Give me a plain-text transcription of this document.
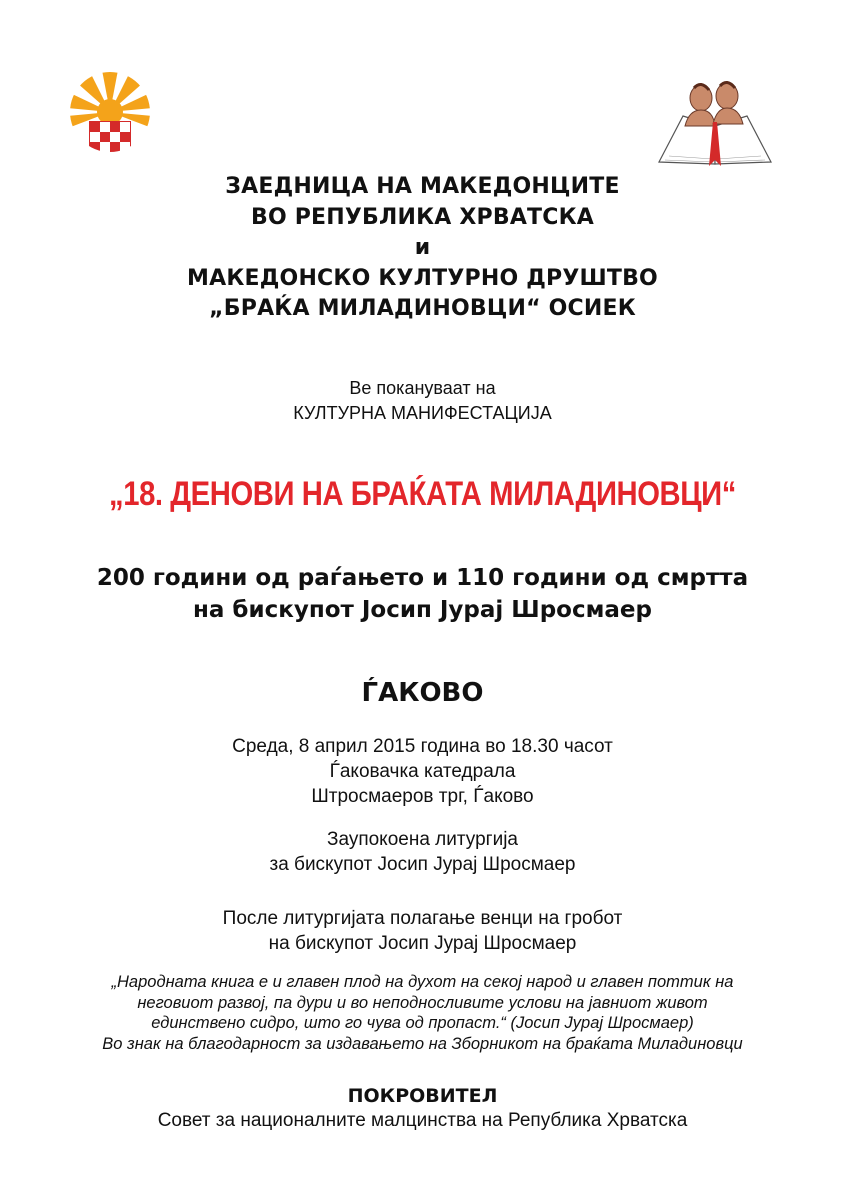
ЗАЕДНИЦА НА МАКЕДОНЦИТЕ
ВО РЕПУБЛИКА ХРВАТСКА
и
МАКЕДОНСКО КУЛТУРНО ДРУШТВО
„БРАЌА МИЛАДИНОВЦИ“ ОСИЕК
Ве покануваат на
КУЛТУРНА МАНИФЕСТАЦИЈА
„18. ДЕНОВИ НА БРАЌАТА МИЛАДИНОВЦИ“
200 години од раѓањето и 110 години од смртта
на бискупот Јосип Јурај Шросмаер
ЃАКОВО
Среда, 8 април 2015 година во 18.30 часот
Ѓаковачка катедрала
Штросмаеров трг, Ѓаково
Заупокоена литургија
за бискупот Јосип Јурај Шросмаер
После литургијата полагање венци на гробот
на бискупот Јосип Јурај Шросмаер
„Народната книга е и главен плод на духот на секој народ и главен поттик на
неговиот развој, па дури и во неподносливите услови на јавниот живот
единствено сидро, што го чува од пропаст.“ (Јосип Јурај Шросмаер)
Во знак на благодарност за издавањето на Зборникот на браќата Миладиновци
ПОКРОВИТЕЛ
Совет за националните малцинства на Република Хрватска
